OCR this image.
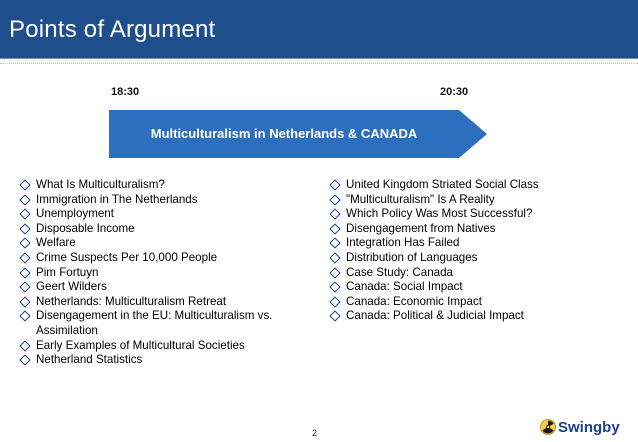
Points of Argument
18:30	20:30
Multiculturalism in Netherlands & CANADA
What Is Multiculturalism?
Immigration in The Netherlands
Unemployment
Disposable Income
Welfare
Crime Suspects Per 10,000 People
Pim Fortuyn
Geert Wilders
Netherlands: Multiculturalism Retreat
Disengagement in the EU: Multiculturalism vs. Assimilation
Early Examples of Multicultural Societies
Netherland Statistics
United Kingdom Striated Social Class
"Multiculturalism" Is A Reality
Which Policy Was Most Successful?
Disengagement from Natives
Integration Has Failed
Distribution of Languages
Case Study: Canada
Canada: Social Impact
Canada: Economic Impact
Canada: Political & Judicial Impact
2	Swingby
